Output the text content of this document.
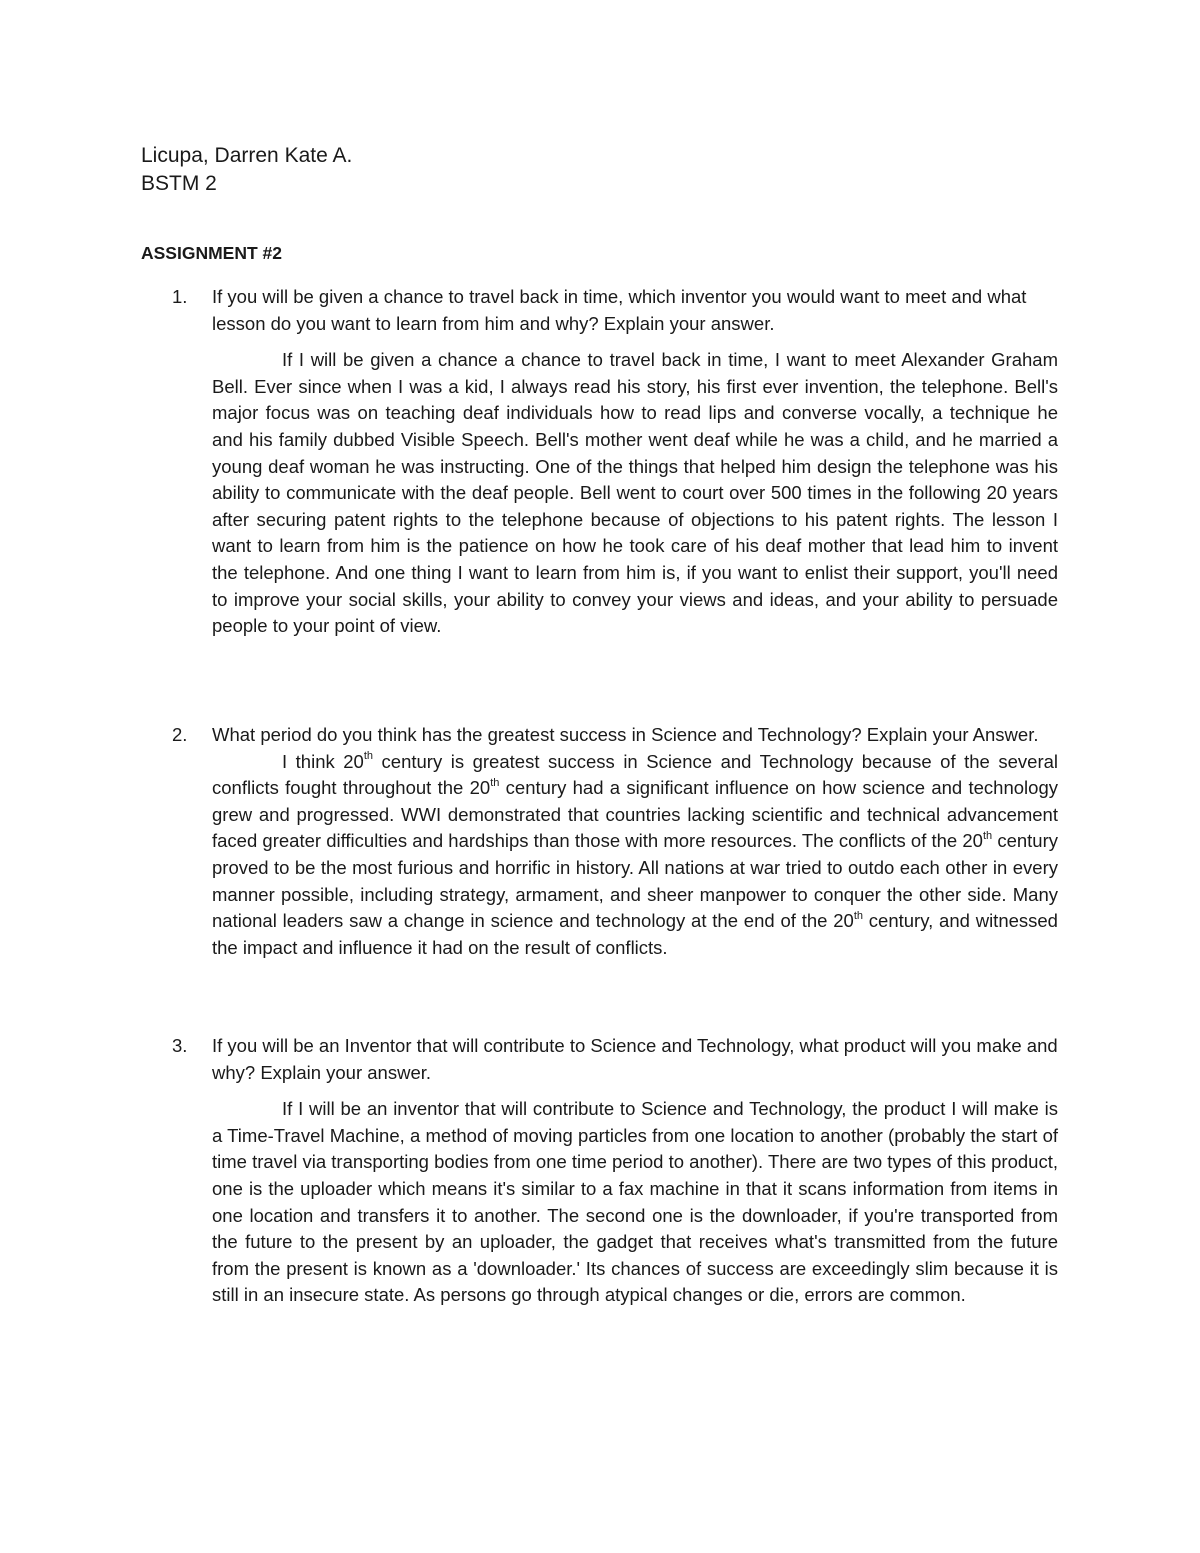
Licupa, Darren Kate A.
BSTM 2
ASSIGNMENT #2
1.	If you will be given a chance to travel back in time, which inventor you would want to meet and what lesson do you want to learn from him and why? Explain your answer.
If I will be given a chance a chance to travel back in time, I want to meet Alexander Graham Bell. Ever since when I was a kid, I always read his story, his first ever invention, the telephone. Bell's major focus was on teaching deaf individuals how to read lips and converse vocally, a technique he and his family dubbed Visible Speech. Bell's mother went deaf while he was a child, and he married a young deaf woman he was instructing. One of the things that helped him design the telephone was his ability to communicate with the deaf people. Bell went to court over 500 times in the following 20 years after securing patent rights to the telephone because of objections to his patent rights. The lesson I want to learn from him is the patience on how he took care of his deaf mother that lead him to invent the telephone. And one thing I want to learn from him is, if you want to enlist their support, you'll need to improve your social skills, your ability to convey your views and ideas, and your ability to persuade people to your point of view.
2.	What period do you think has the greatest success in Science and Technology? Explain your Answer.
I think 20th century is greatest success in Science and Technology because of the several conflicts fought throughout the 20th century had a significant influence on how science and technology grew and progressed. WWI demonstrated that countries lacking scientific and technical advancement faced greater difficulties and hardships than those with more resources. The conflicts of the 20th century proved to be the most furious and horrific in history. All nations at war tried to outdo each other in every manner possible, including strategy, armament, and sheer manpower to conquer the other side. Many national leaders saw a change in science and technology at the end of the 20th century, and witnessed the impact and influence it had on the result of conflicts.
3.	If you will be an Inventor that will contribute to Science and Technology, what product will you make and why? Explain your answer.
If I will be an inventor that will contribute to Science and Technology, the product I will make is a Time-Travel Machine, a method of moving particles from one location to another (probably the start of time travel via transporting bodies from one time period to another). There are two types of this product, one is the uploader which means it's similar to a fax machine in that it scans information from items in one location and transfers it to another. The second one is the downloader, if you're transported from the future to the present by an uploader, the gadget that receives what's transmitted from the future from the present is known as a 'downloader.' Its chances of success are exceedingly slim because it is still in an insecure state. As persons go through atypical changes or die, errors are common.
